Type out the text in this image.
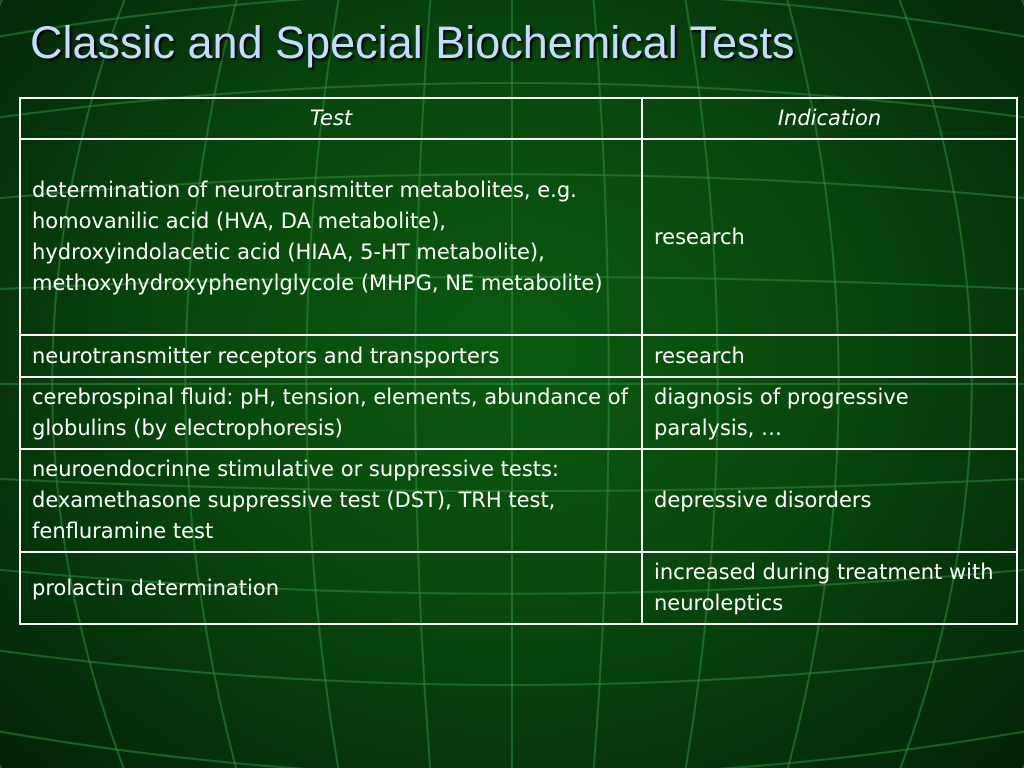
Classic and Special Biochemical Tests
Test	Indication
determination of neurotransmitter metabolites, e.g. homovanilic acid (HVA, DA metabolite), hydroxyindolacetic acid (HIAA, 5-HT metabolite), methoxyhydroxyphenylglycole (MHPG, NE metabolite)	research
neurotransmitter receptors and transporters	research
cerebrospinal fluid: pH, tension, elements, abundance of globulins (by electrophoresis)	diagnosis of progressive paralysis, …
neuroendocrinne stimulative or suppressive tests: dexamethasone suppressive test (DST), TRH test, fenfluramine test	depressive disorders
prolactin determination	increased during treatment with neuroleptics
